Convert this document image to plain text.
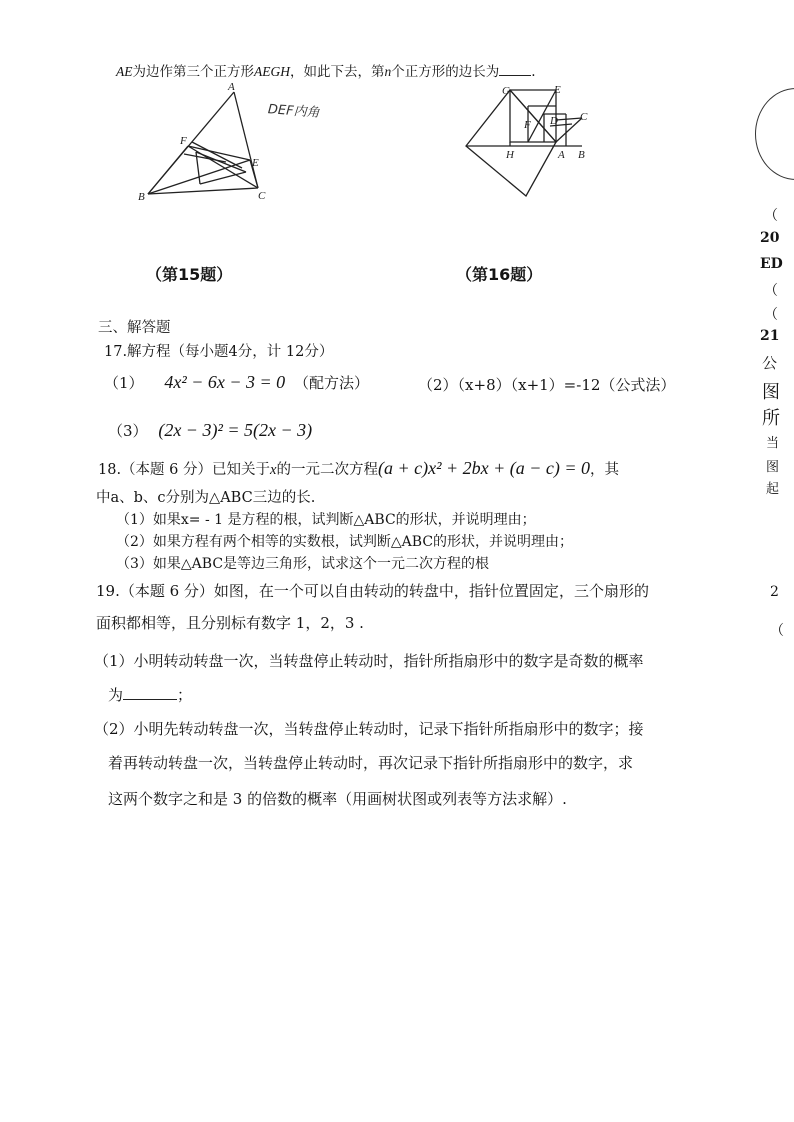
AE为边作第三个正方形AEGH，如此下去，第n个正方形的边长为 .
A
F
E
B	C
DEF内角
G	E
F D C
H	A B
（
20
ED
（
（
21
公
图
所
当
图
起
2
（
（第15题）	（第16题）
三、解答题
17.解方程（每小题4分，计 12分）
（1） 4x² − 6x − 3 = 0 （配方法）	（2）（x+8）（x+1）=-12（公式法）
（3） (2x − 3)² = 5(2x − 3)
18.（本题 6 分）已知关于x的一元二次方程(a + c)x² + 2bx + (a − c) = 0，其
中a、b、c分别为△ABC三边的长.
（1）如果x= - 1 是方程的根，试判断△ABC的形状，并说明理由；
（2）如果方程有两个相等的实数根，试判断△ABC的形状，并说明理由；
（3）如果△ABC是等边三角形，试求这个一元二次方程的根
19.（本题 6 分）如图，在一个可以自由转动的转盘中，指针位置固定，三个扇形的
面积都相等，且分别标有数字 1，2，3 .
（1）小明转动转盘一次，当转盘停止转动时，指针所指扇形中的数字是奇数的概率
为	；
（2）小明先转动转盘一次，当转盘停止转动时，记录下指针所指扇形中的数字；接
着再转动转盘一次，当转盘停止转动时，再次记录下指针所指扇形中的数字，求
这两个数字之和是 3 的倍数的概率（用画树状图或列表等方法求解）.
